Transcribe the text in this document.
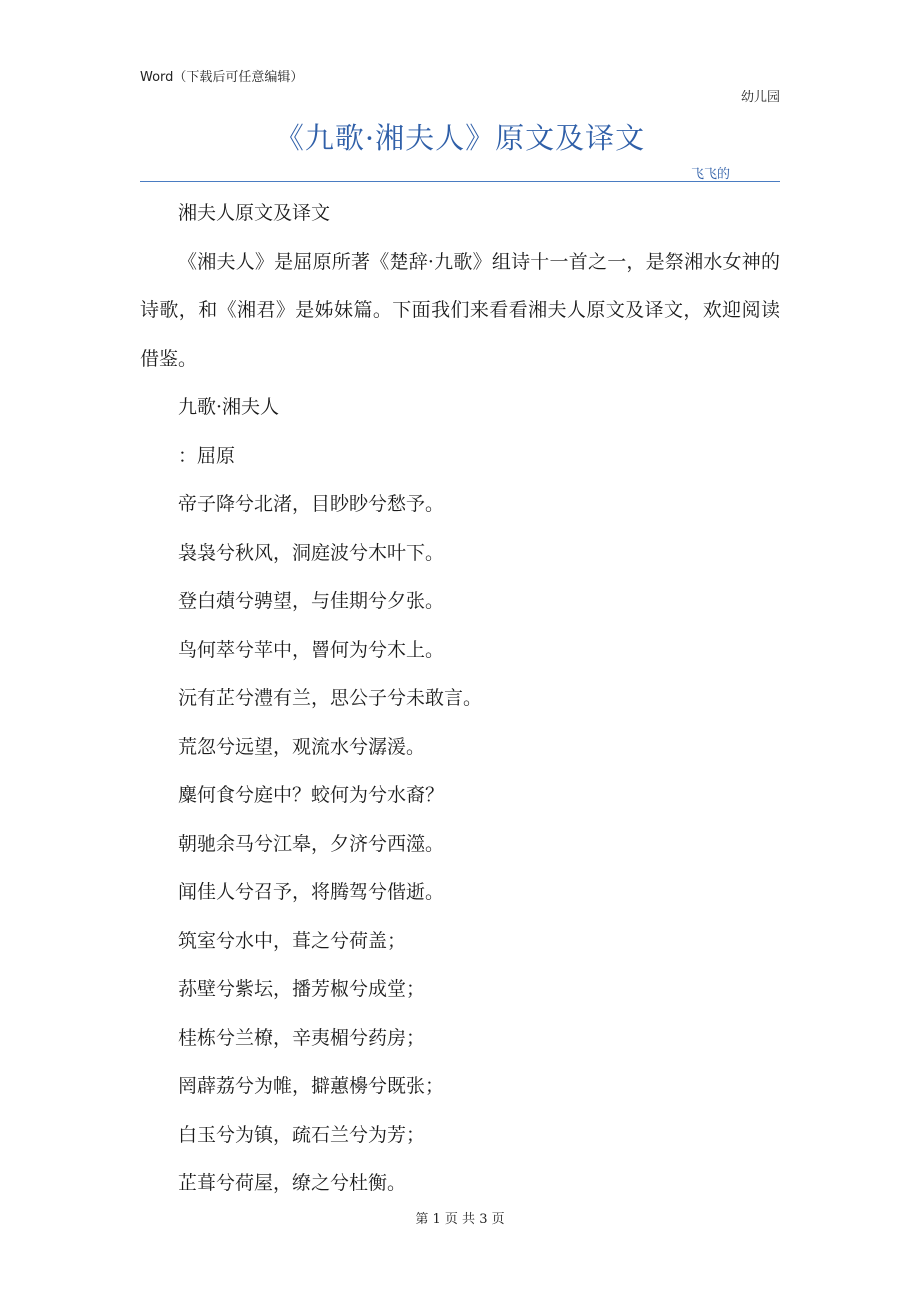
Word（下载后可任意编辑）
幼儿园
《九歌·湘夫人》原文及译文
飞飞的

湘夫人原文及译文

《湘夫人》是屈原所著《楚辞·九歌》组诗十一首之一，是祭湘水女神的诗歌，和《湘君》是姊妹篇。下面我们来看看湘夫人原文及译文，欢迎阅读借鉴。

九歌·湘夫人

：屈原

帝子降兮北渚，目眇眇兮愁予。

袅袅兮秋风，洞庭波兮木叶下。

登白薠兮骋望，与佳期兮夕张。

鸟何萃兮苹中，罾何为兮木上。

沅有芷兮澧有兰，思公子兮未敢言。

荒忽兮远望，观流水兮潺湲。

麋何食兮庭中？蛟何为兮水裔？

朝驰余马兮江皋，夕济兮西澨。

闻佳人兮召予，将腾驾兮偕逝。

筑室兮水中，葺之兮荷盖；

荪壁兮紫坛，播芳椒兮成堂；

桂栋兮兰橑，辛夷楣兮药房；

罔薜荔兮为帷，擗蕙櫋兮既张；

白玉兮为镇，疏石兰兮为芳；

芷葺兮荷屋，缭之兮杜衡。

第 1 页 共 3 页
